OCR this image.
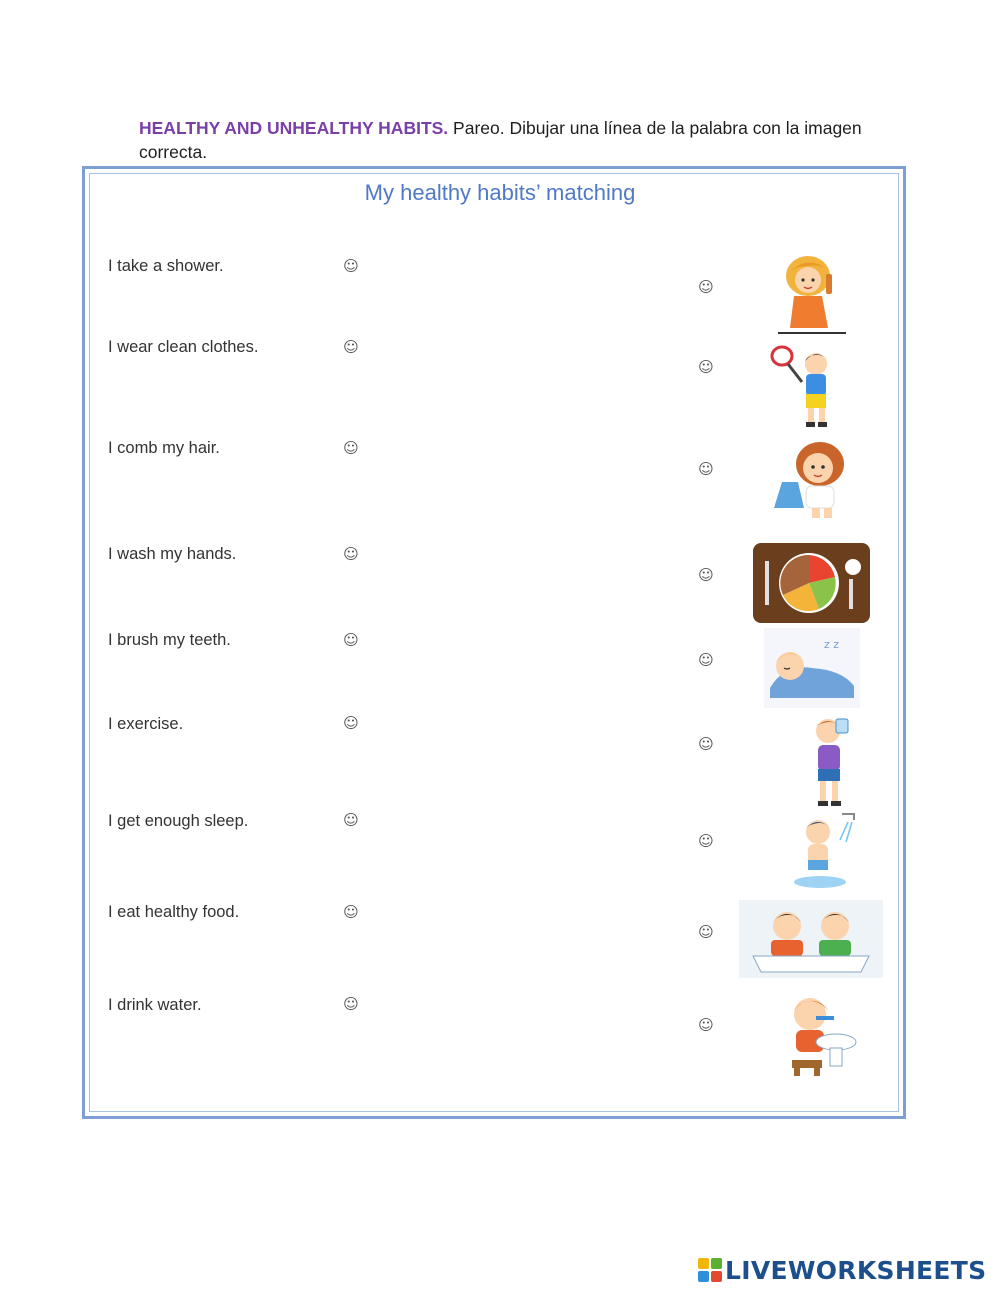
HEALTHY AND UNHEALTHY HABITS. Pareo. Dibujar una línea de la palabra con la imagen correcta.
My healthy habits’ matching
I take a shower.
I wear clean clothes.
I comb my hair.
I wash my hands.
I brush my teeth.
I exercise.
I get enough sleep.
I eat healthy food.
I drink water.
☺
☺
☺
☺
☺
☺
☺
☺
☺
☺
☺
☺
☺
☺
☺
☺
☺
☺
z z
LIVEWORKSHEETS
